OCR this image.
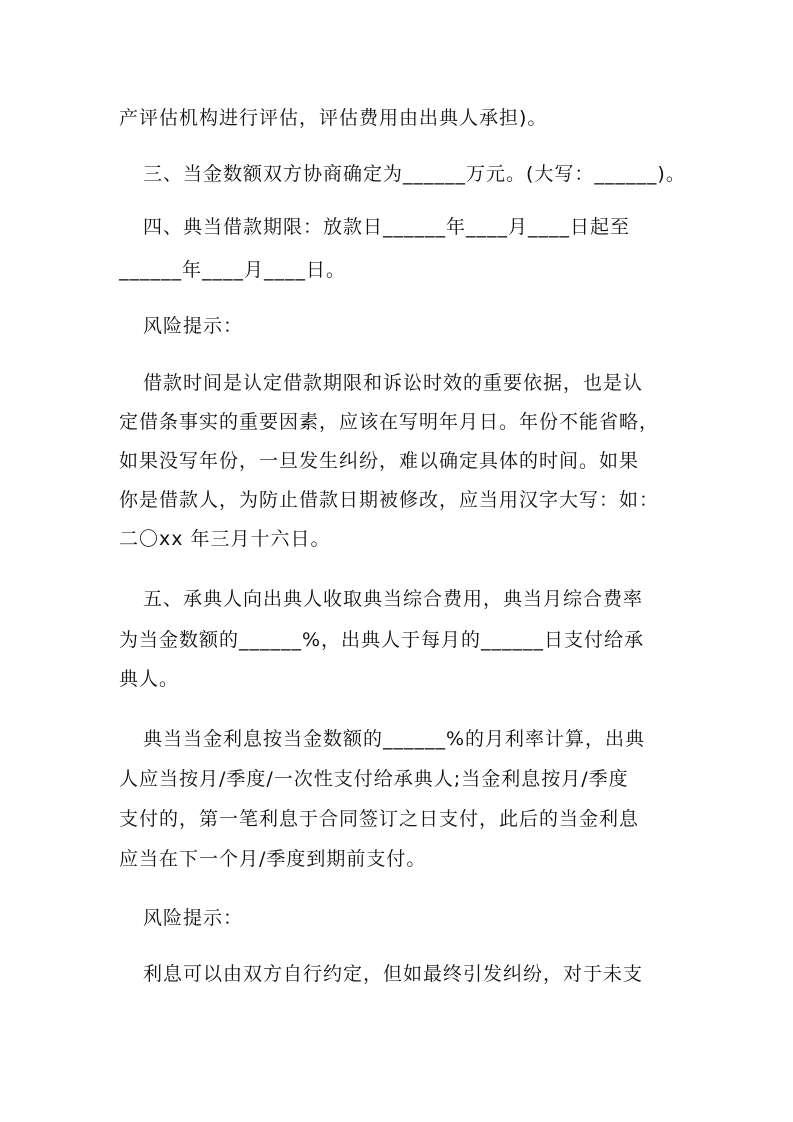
产评估机构进行评估，评估费用由出典人承担)。
三、当金数额双方协商确定为______万元。(大写：______)。
四、典当借款期限：放款日______年____月____日起至
______年____月____日。
风险提示：
借款时间是认定借款期限和诉讼时效的重要依据，也是认
定借条事实的重要因素，应该在写明年月日。年份不能省略，
如果没写年份，一旦发生纠纷，难以确定具体的时间。如果
你是借款人，为防止借款日期被修改，应当用汉字大写：如：
二〇xx 年三月十六日。
五、承典人向出典人收取典当综合费用，典当月综合费率
为当金数额的______%，出典人于每月的______日支付给承
典人。
典当当金利息按当金数额的______%的月利率计算，出典
人应当按月/季度/一次性支付给承典人;当金利息按月/季度
支付的，第一笔利息于合同签订之日支付，此后的当金利息
应当在下一个月/季度到期前支付。
风险提示：
利息可以由双方自行约定，但如最终引发纠纷，对于未支
